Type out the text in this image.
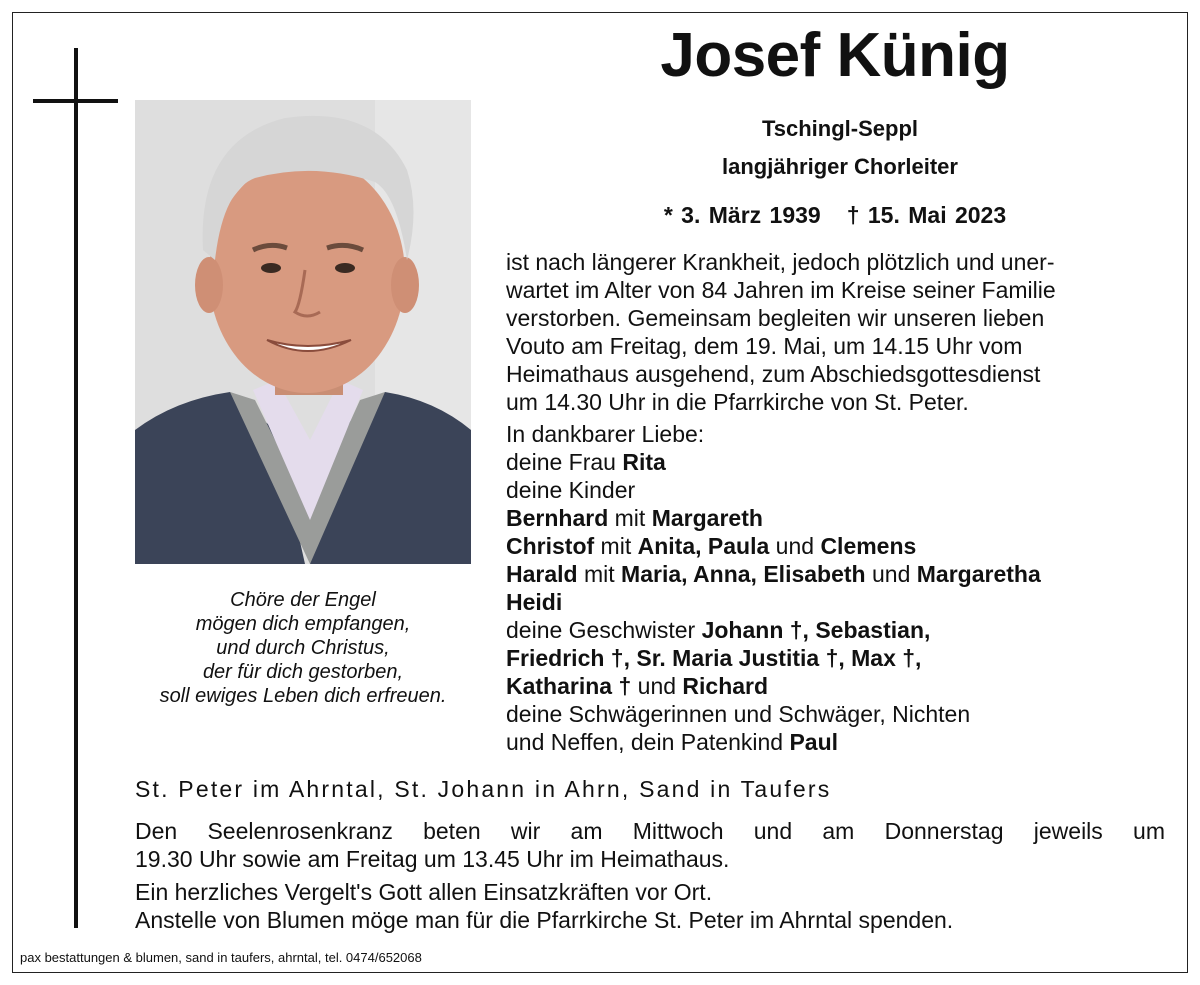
Josef Künig
Tschingl-Seppl
langjähriger Chorleiter
* 3. März 1939 † 15. Mai 2023
Chöre der Engel
mögen dich empfangen,
und durch Christus,
der für dich gestorben,
soll ewiges Leben dich erfreuen.
ist nach längerer Krankheit, jedoch plötzlich und uner-
wartet im Alter von 84 Jahren im Kreise seiner Familie
verstorben. Gemeinsam begleiten wir unseren lieben
Vouto am Freitag, dem 19. Mai, um 14.15 Uhr vom
Heimathaus ausgehend, zum Abschiedsgottesdienst
um 14.30 Uhr in die Pfarrkirche von St. Peter.
In dankbarer Liebe:
deine Frau Rita
deine Kinder
Bernhard mit Margareth
Christof mit Anita, Paula und Clemens
Harald mit Maria, Anna, Elisabeth und Margaretha
Heidi
deine Geschwister Johann †, Sebastian,
Friedrich †, Sr. Maria Justitia †, Max †,
Katharina † und Richard
deine Schwägerinnen und Schwäger, Nichten
und Neffen, dein Patenkind Paul
St. Peter im Ahrntal, St. Johann in Ahrn, Sand in Taufers
Den Seelenrosenkranz beten wir am Mittwoch und am Donnerstag jeweils um
19.30 Uhr sowie am Freitag um 13.45 Uhr im Heimathaus.
Ein herzliches Vergelt's Gott allen Einsatzkräften vor Ort.
Anstelle von Blumen möge man für die Pfarrkirche St. Peter im Ahrntal spenden.
pax bestattungen & blumen, sand in taufers, ahrntal, tel. 0474/652068
